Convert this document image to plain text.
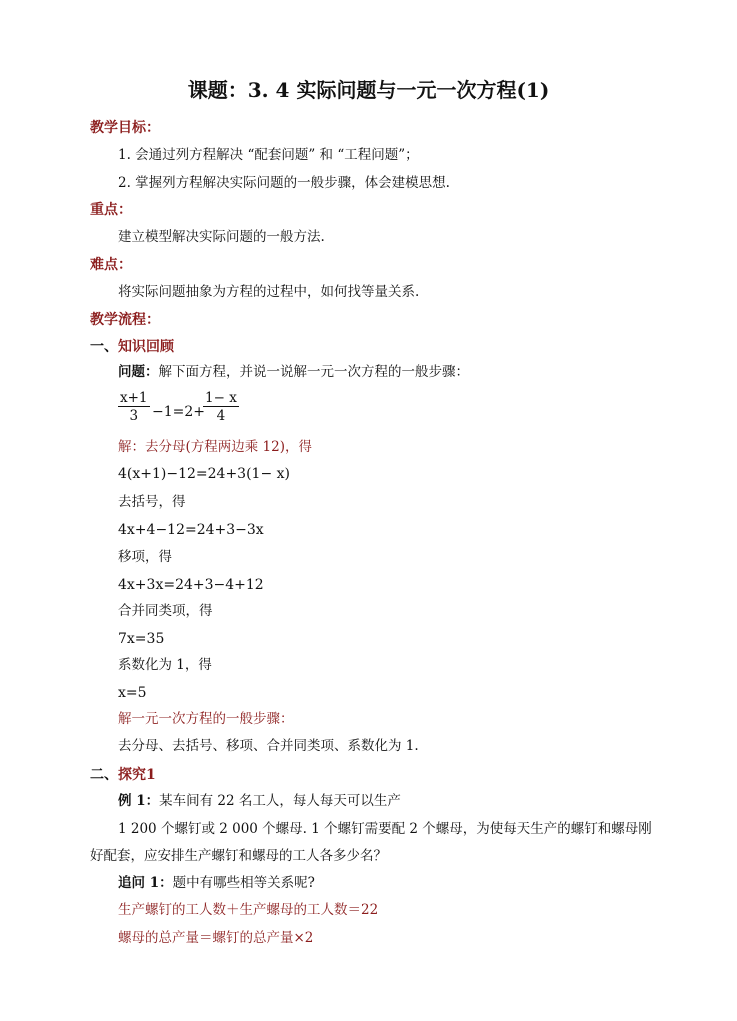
课题：3. 4 实际问题与一元一次方程(1)
教学目标：
1. 会通过列方程解决 “配套问题” 和 “工程问题”；
2. 掌握列方程解决实际问题的一般步骤，体会建模思想.
重点：
建立模型解决实际问题的一般方法.
难点：
将实际问题抽象为方程的过程中，如何找等量关系.
教学流程：
一、知识回顾
问题：解下面方程，并说一说解一元一次方程的一般步骤：
$\frac{x+1}{3} -1=2+$
$\frac{1- x}{4}$
解：去分母(方程两边乘 12)，得
4(x+1)−12=24+3(1− x)
去括号，得
4x+4−12=24+3−3x
移项，得
4x+3x=24+3−4+12
合并同类项，得
7x=35
系数化为 1，得
x=5
解一元一次方程的一般步骤：
去分母、去括号、移项、合并同类项、系数化为 1.
二、探究1
例 1：某车间有 22 名工人，每人每天可以生产
1 200 个螺钉或 2 000 个螺母. 1 个螺钉需要配 2 个螺母，为使每天生产的螺钉和螺母刚
好配套，应安排生产螺钉和螺母的工人各多少名？
追问 1：题中有哪些相等关系呢?
生产螺钉的工人数＋生产螺母的工人数＝22
螺母的总产量＝螺钉的总产量×2
